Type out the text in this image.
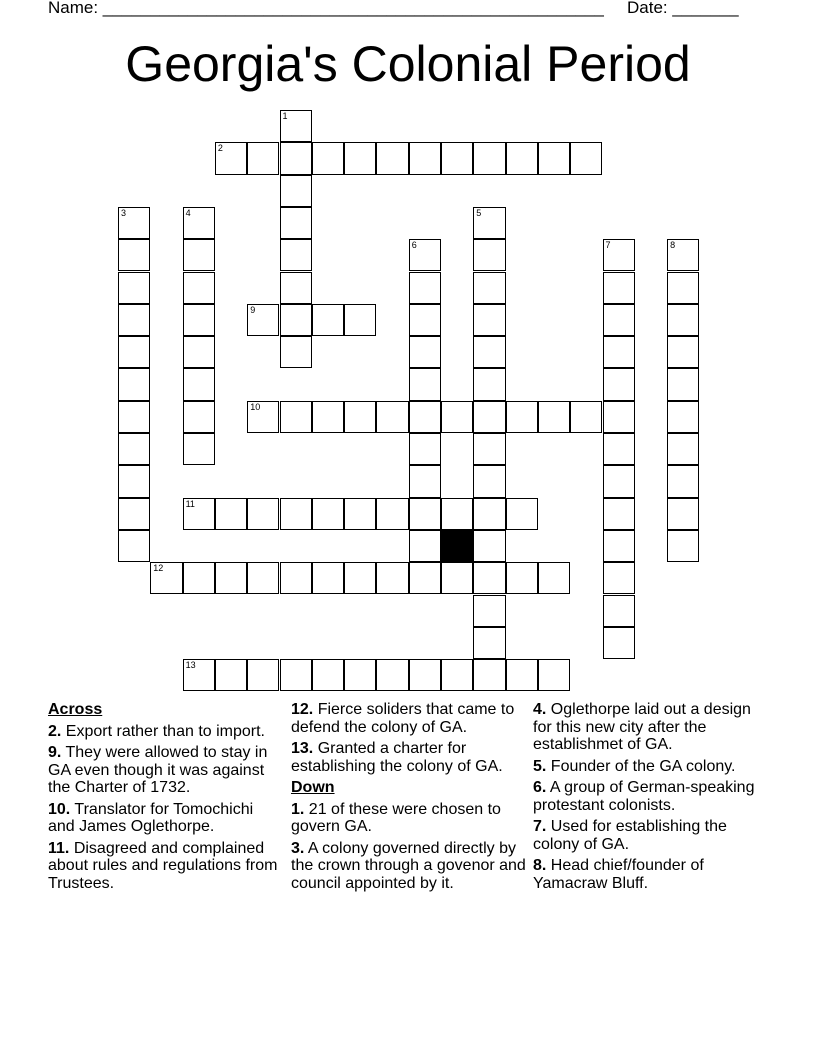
Name: _____________________________________________________ Date: _______
Georgia's Colonial Period
1
2
3	4	5
6	7	8
9
10
11
12
13
Across
2. Export rather than to import.
9. They were allowed to stay in GA even though it was against the Charter of 1732.
10. Translator for Tomochichi and James Oglethorpe.
11. Disagreed and complained about rules and regulations from Trustees.
12. Fierce soliders that came to defend the colony of GA.
13. Granted a charter for establishing the colony of GA.
Down
1. 21 of these were chosen to govern GA.
3. A colony governed directly by the crown through a govenor and council appointed by it.
4. Oglethorpe laid out a design for this new city after the establishmet of GA.
5. Founder of the GA colony.
6. A group of German-speaking protestant colonists.
7. Used for establishing the colony of GA.
8. Head chief/founder of Yamacraw Bluff.
